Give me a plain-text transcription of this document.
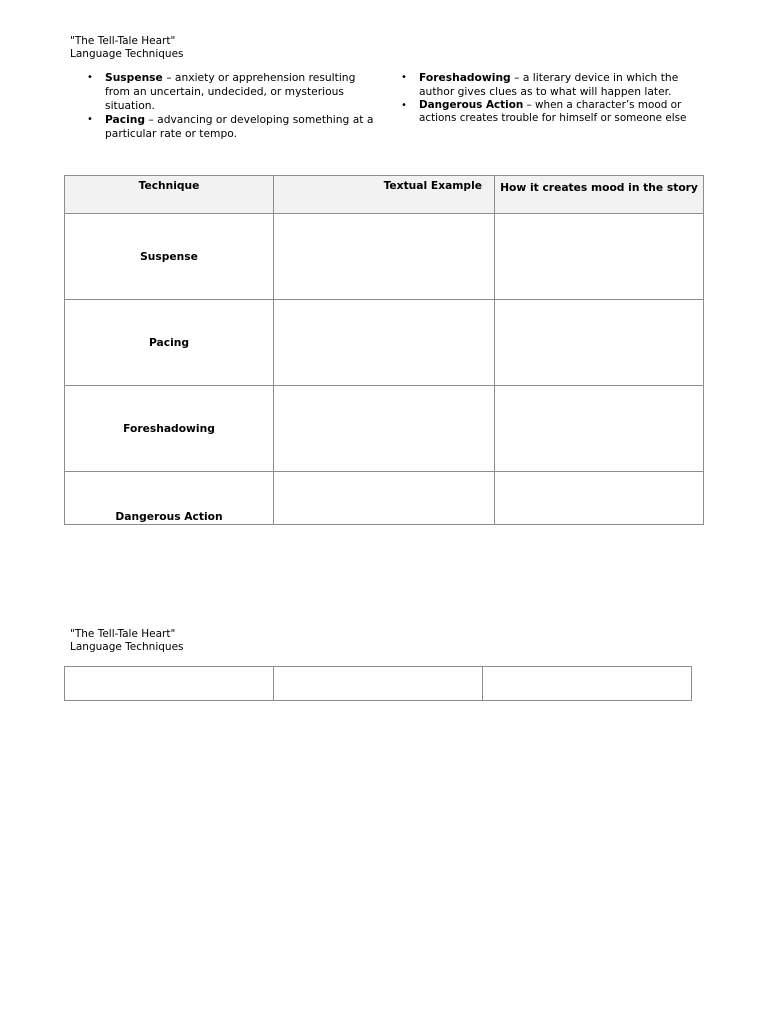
"The Tell-Tale Heart"
Language Techniques
• Suspense – anxiety or apprehension resulting from an uncertain, undecided, or mysterious situation.
• Pacing – advancing or developing something at a particular rate or tempo.
• Foreshadowing – a literary device in which the author gives clues as to what will happen later.
• Dangerous Action – when a character’s mood or actions creates trouble for himself or someone else
Technique	Textual Example	How it creates mood in the story
Suspense		
Pacing		
Foreshadowing		
Dangerous Action		
"The Tell-Tale Heart"
Language Techniques
